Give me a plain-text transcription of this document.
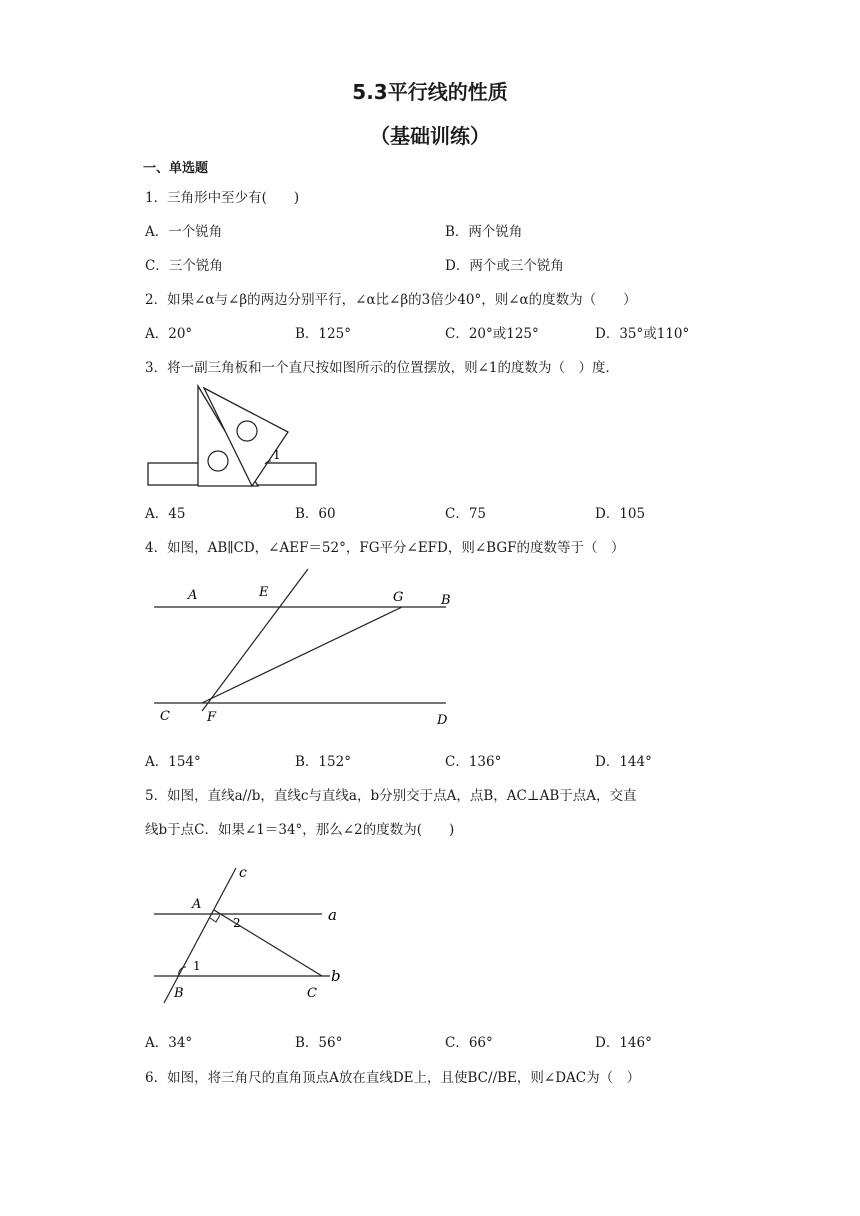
5.3平行线的性质
（基础训练）
一、单选题
1．三角形中至少有(　　)
A．一个锐角	B．两个锐角
C．三个锐角	D．两个或三个锐角
2．如果∠α与∠β的两边分别平行，∠α比∠β的3倍少40°，则∠α的度数为（　　）
A．20°	B．125°	C．20°或125°	D．35°或110°
3．将一副三角板和一个直尺按如图所示的位置摆放，则∠1的度数为（　）度．
1
A．45	B．60	C．75	D．105
4．如图，AB∥CD，∠AEF＝52°，FG平分∠EFD，则∠BGF的度数等于（　）
A	E	G	B
C	F	D
A．154°	B．152°	C．136°	D．144°
5．如图，直线a//b，直线c与直线a，b分别交于点A，点B，AC⊥AB于点A，交直
线b于点C．如果∠1＝34°，那么∠2的度数为(　　)
c
A
a
2
1
B	C
b
A．34°	B．56°	C．66°	D．146°
6．如图，将三角尺的直角顶点A放在直线DE上，且使BC//BE，则∠DAC为（　）
